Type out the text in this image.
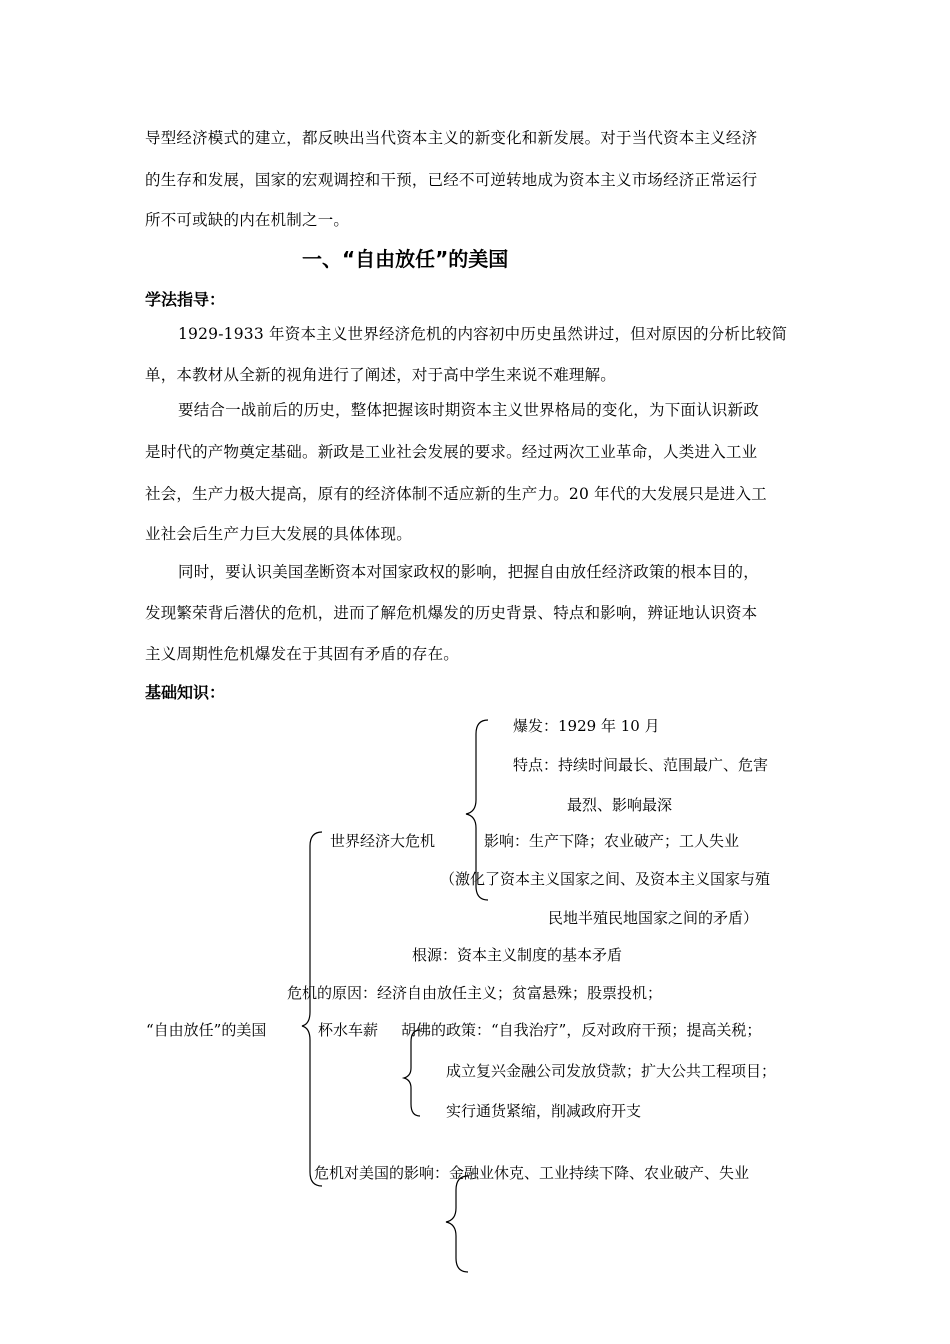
导型经济模式的建立，都反映出当代资本主义的新变化和新发展。对于当代资本主义经济
的生存和发展，国家的宏观调控和干预，已经不可逆转地成为资本主义市场经济正常运行
所不可或缺的内在机制之一。
一、“自由放任”的美国
学法指导：
1929-1933 年资本主义世界经济危机的内容初中历史虽然讲过，但对原因的分析比较简
单，本教材从全新的视角进行了阐述，对于高中学生来说不难理解。
要结合一战前后的历史，整体把握该时期资本主义世界格局的变化，为下面认识新政
是时代的产物奠定基础。新政是工业社会发展的要求。经过两次工业革命，人类进入工业
社会，生产力极大提高，原有的经济体制不适应新的生产力。20 年代的大发展只是进入工
业社会后生产力巨大发展的具体体现。
同时，要认识美国垄断资本对国家政权的影响，把握自由放任经济政策的根本目的，
发现繁荣背后潜伏的危机，进而了解危机爆发的历史背景、特点和影响，辨证地认识资本
主义周期性危机爆发在于其固有矛盾的存在。
基础知识：
爆发：1929 年 10 月
特点：持续时间最长、范围最广、危害
最烈、影响最深
世界经济大危机	影响：生产下降；农业破产；工人失业
（激化了资本主义国家之间、及资本主义国家与殖
民地半殖民地国家之间的矛盾）
根源：资本主义制度的基本矛盾
危机的原因：经济自由放任主义；贫富悬殊；股票投机；
“自由放任”的美国	杯水车薪 胡佛的政策：“自我治疗”，反对政府干预；提高关税；
成立复兴金融公司发放贷款；扩大公共工程项目；
实行通货紧缩，削减政府开支
危机对美国的影响：金融业休克、工业持续下降、农业破产、失业
